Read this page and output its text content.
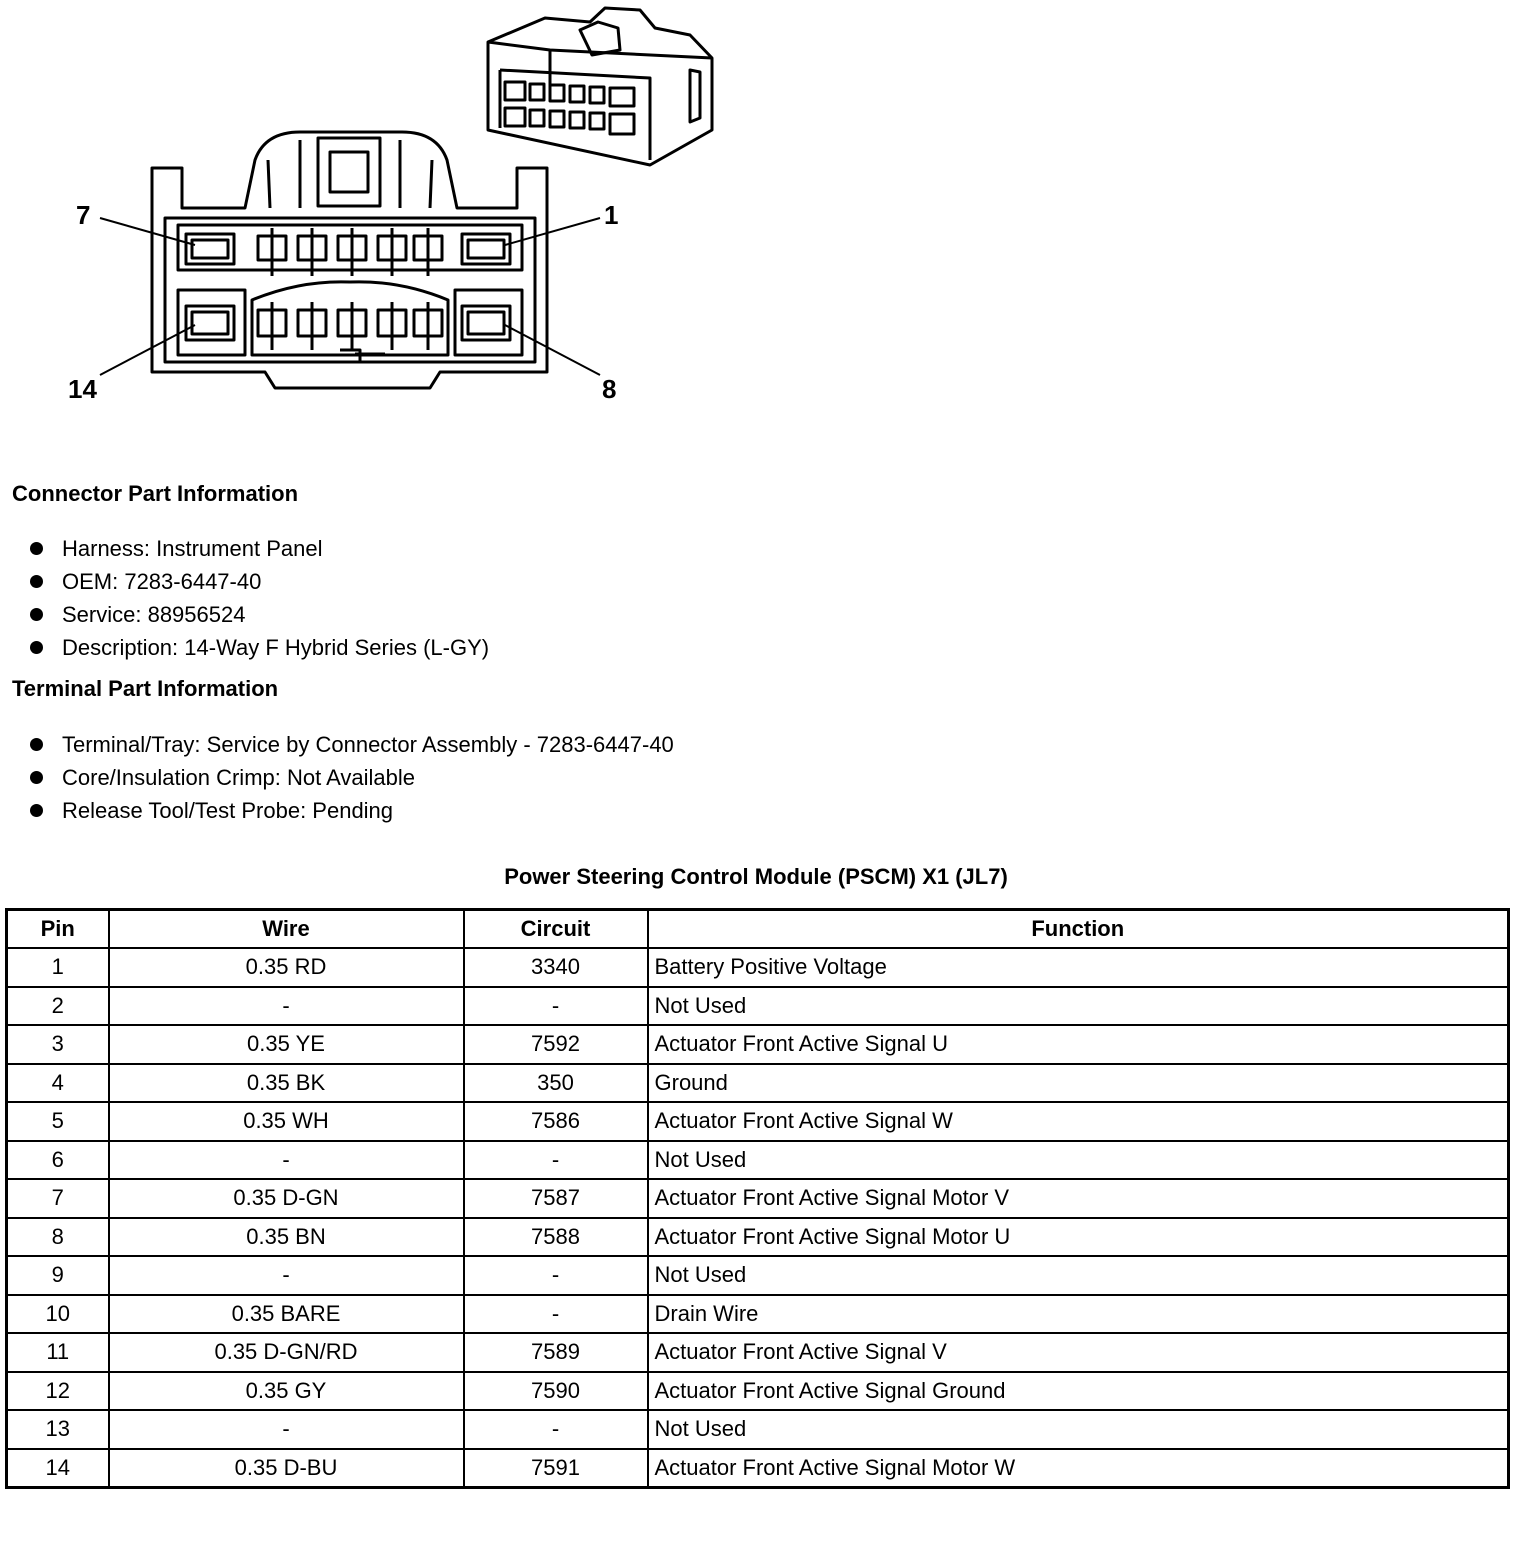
7	1
14	8
Connector Part Information
Harness: Instrument Panel
OEM: 7283-6447-40
Service: 88956524
Description: 14-Way F Hybrid Series (L-GY)
Terminal Part Information
Terminal/Tray: Service by Connector Assembly - 7283-6447-40
Core/Insulation Crimp: Not Available
Release Tool/Test Probe: Pending
Power Steering Control Module (PSCM) X1 (JL7)
Pin	Wire	Circuit	Function
1	0.35 RD	3340	Battery Positive Voltage
2	-	-	Not Used
3	0.35 YE	7592	Actuator Front Active Signal U
4	0.35 BK	350	Ground
5	0.35 WH	7586	Actuator Front Active Signal W
6	-	-	Not Used
7	0.35 D-GN	7587	Actuator Front Active Signal Motor V
8	0.35 BN	7588	Actuator Front Active Signal Motor U
9	-	-	Not Used
10	0.35 BARE	-	Drain Wire
11	0.35 D-GN/RD	7589	Actuator Front Active Signal V
12	0.35 GY	7590	Actuator Front Active Signal Ground
13	-	-	Not Used
14	0.35 D-BU	7591	Actuator Front Active Signal Motor W
